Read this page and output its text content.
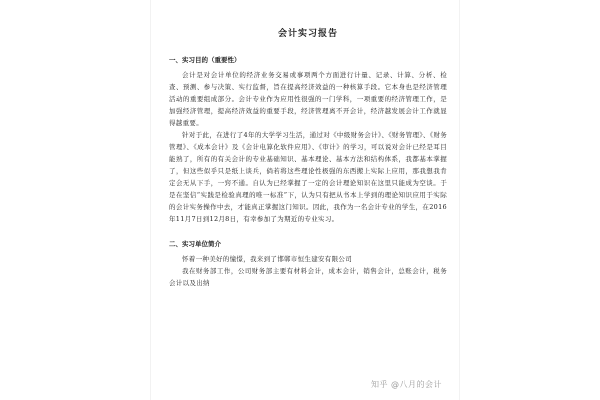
会计实习报告
一、实习目的（重要性）

会计是对会计单位的经济业务交易或事项两个方面进行计量、记录、计算、分析、检查、预测、参与决策、实行监督，旨在提高经济效益的一种核算手段。它本身也是经济管理活动的重要组成部分。会计专业作为应用性很强的一门学科，一项重要的经济管理工作，是加强经济管理，提高经济效益的重要手段，经济管理离不开会计，经济越发展会计工作就显得越重要。

针对于此，在进行了4年的大学学习生活，通过对《中级财务会计》、《财务管理》、《财务管理》、《成本会计》及《会计电算化软件应用》、《审计》的学习，可以说对会计已经是耳目能熟了，所有的有关会计的专业基础知识、基本理论、基本方法和结构体系，我都基本掌握了，但这些似乎只是纸上谈兵，倘若将这些理论性极强的东西搬上实际上应用，那我想我肯定会无从下手，一窍不通。自认为已经掌握了一定的会计理论知识在这里只能成为空谈。于是在坚信“实践是检验真理的唯一标准”下，认为只有把从书本上学到的理论知识应用于实际的会计实务操作中去，才能真正掌握这门知识。因此，我作为一名会计专业的学生，在2016年11月7日到12月8日，有幸参加了为期近的专业实习。

二、实习单位简介

怀着一种美好的憧憬，我来到了邯郸市恒生建安有限公司

我在财务部工作，公司财务部主要有材料会计，成本会计，销售会计，总账会计，税务会计以及出纳

知乎 @八月的会计
